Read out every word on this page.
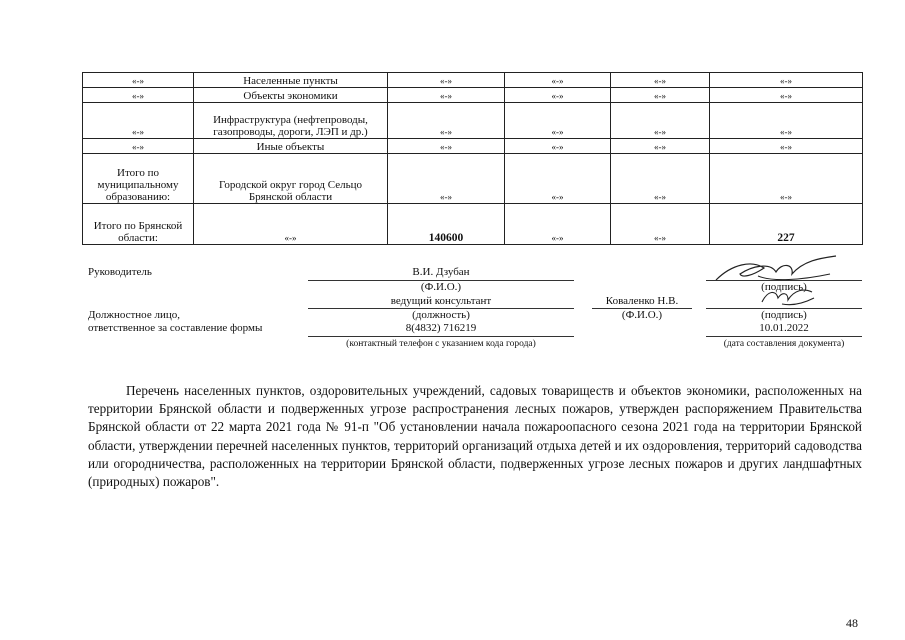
«-»	Населенные пункты	«-»	«-»	«-»	«-»
«-»	Объекты экономики	«-»	«-»	«-»	«-»
«-»	Инфраструктура (нефтепроводы, газопроводы, дороги, ЛЭП и др.)	«-»	«-»	«-»	«-»
«-»	Иные объекты	«-»	«-»	«-»	«-»
Итого по муниципальному образованию:	Городской округ город Сельцо Брянской области	«-»	«-»	«-»	«-»
Итого по Брянской области:	«-»	140600	«-»	«-»	227
Руководитель	В.И. Дзубан
(Ф.И.О.)	(подпись)
ведущий консультант	Коваленко Н.В.
Должностное лицо,
ответственное за составление формы
(должность)	(Ф.И.О.)	(подпись)
8(4832) 716219	10.01.2022
(контактный телефон с указанием кода города)	(дата составления документа)
Перечень населенных пунктов, оздоровительных учреждений, садовых товариществ и объектов экономики, расположенных на территории Брянской области и подверженных угрозе распространения лесных пожаров, утвержден распоряжением Правительства Брянской области от 22 марта 2021 года № 91-п "Об установлении начала пожароопасного сезона 2021 года на территории Брянской области, утверждении перечней населенных пунктов, территорий организаций отдыха детей и их оздоровления, территорий садоводства или огородничества, расположенных на территории Брянской области, подверженных угрозе лесных пожаров и других ландшафтных (природных) пожаров".
48
